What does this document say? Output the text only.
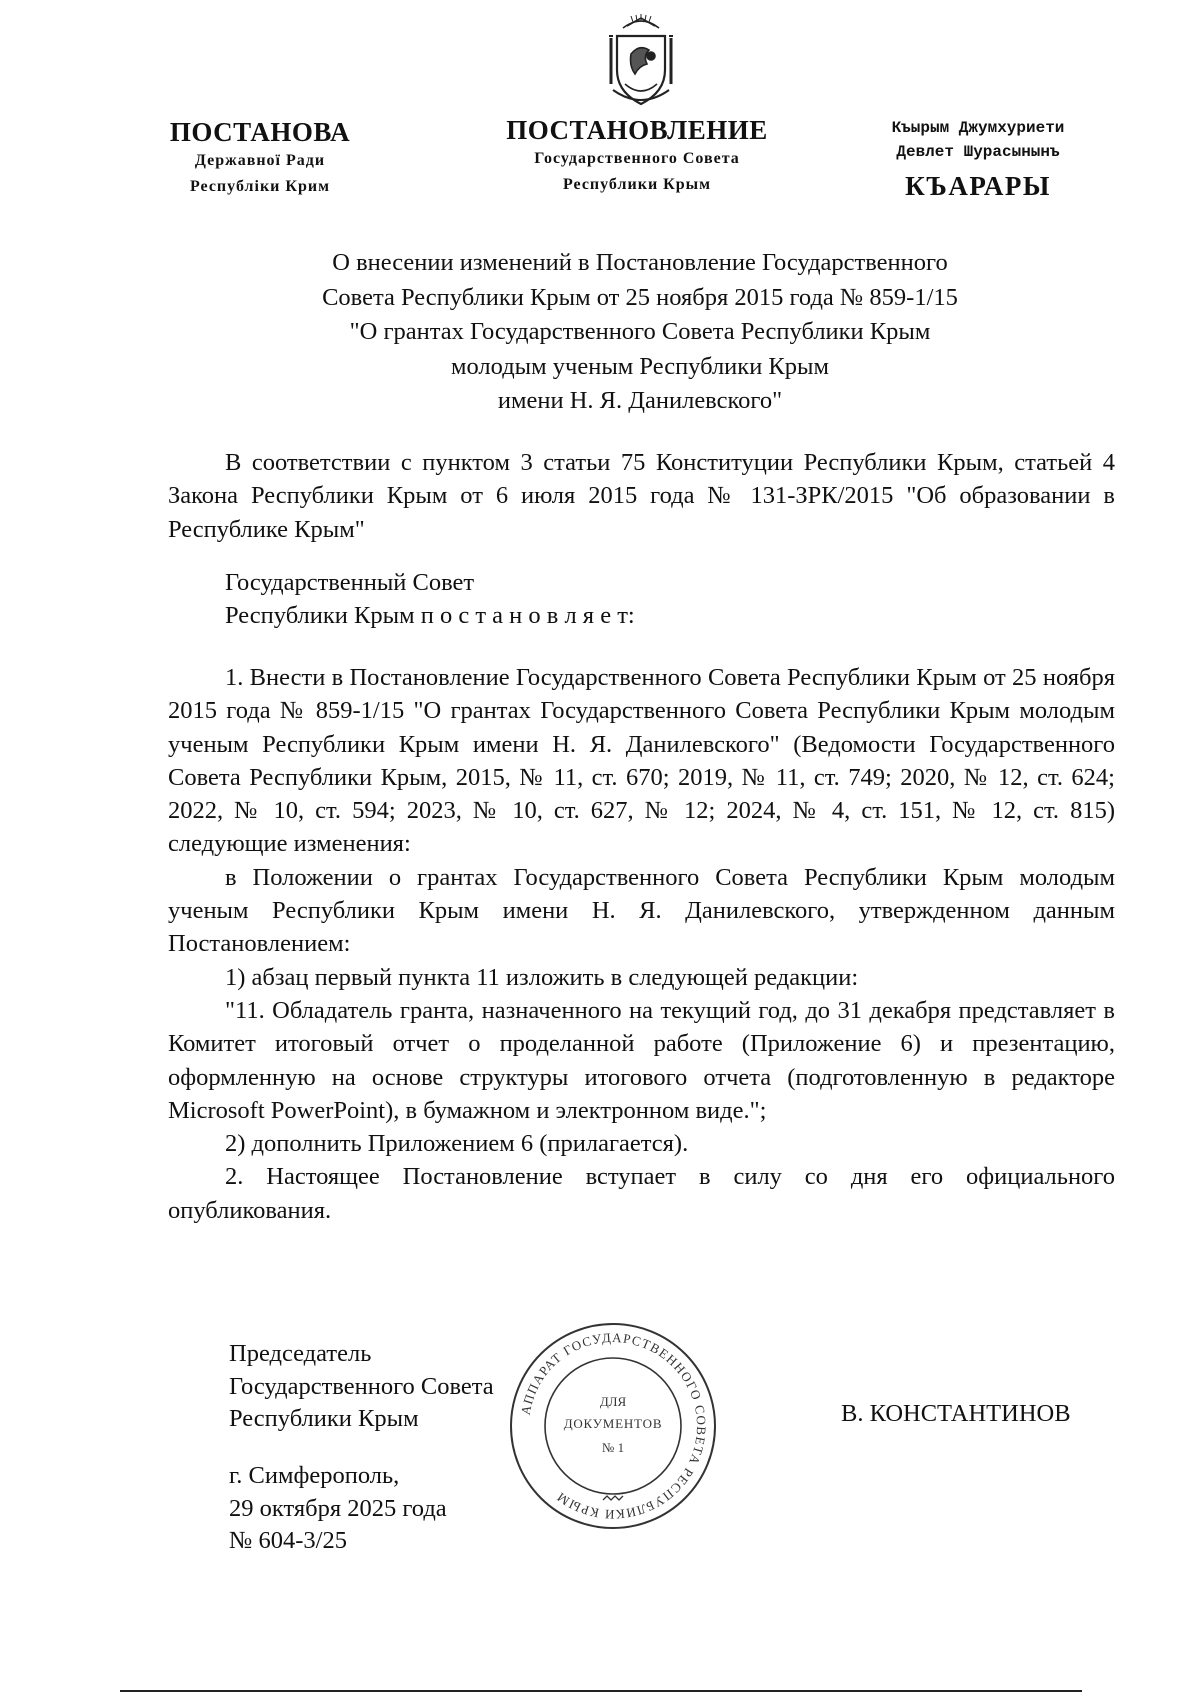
ПОСТАНОВА
Державної Ради
Республіки Крим
ПОСТАНОВЛЕНИЕ
Государственного Совета
Республики Крым
Къырым Джумхуриети
Девлет Шурасынынъ
КЪАРАРЫ
О внесении изменений в Постановление Государственного
Совета Республики Крым от 25 ноября 2015 года № 859-1/15
"О грантах Государственного Совета Республики Крым
молодым ученым Республики Крым
имени Н. Я. Данилевского"

В соответствии с пунктом 3 статьи 75 Конституции Республики Крым, статьей 4 Закона Республики Крым от 6 июля 2015 года № 131-ЗРК/2015 "Об образовании в Республике Крым"

Государственный Совет
Республики Крым п о с т а н о в л я е т:

1. Внести в Постановление Государственного Совета Республики Крым от 25 ноября 2015 года № 859-1/15 "О грантах Государственного Совета Республики Крым молодым ученым Республики Крым имени Н. Я. Данилевского" (Ведомости Государственного Совета Республики Крым, 2015, № 11, ст. 670; 2019, № 11, ст. 749; 2020, № 12, ст. 624; 2022, № 10, ст. 594; 2023, № 10, ст. 627, № 12; 2024, № 4, ст. 151, № 12, ст. 815) следующие изменения:

в Положении о грантах Государственного Совета Республики Крым молодым ученым Республики Крым имени Н. Я. Данилевского, утвержденном данным Постановлением:

1) абзац первый пункта 11 изложить в следующей редакции:

"11. Обладатель гранта, назначенного на текущий год, до 31 декабря представляет в Комитет итоговый отчет о проделанной работе (Приложение 6) и презентацию, оформленную на основе структуры итогового отчета (подготовленную в редакторе Microsoft PowerPoint), в бумажном и электронном виде.";

2) дополнить Приложением 6 (прилагается).

2. Настоящее Постановление вступает в силу со дня его официального опубликования.

Председатель
Государственного Совета
Республики Крым
г. Симферополь,
29 октября 2025 года
№ 604-3/25
В. КОНСТАНТИНОВ
АППАРАТ ГОСУДАРСТВЕННОГО СОВЕТА РЕСПУБЛИКИ КРЫМ
ДЛЯ
ДОКУМЕНТОВ
№ 1
